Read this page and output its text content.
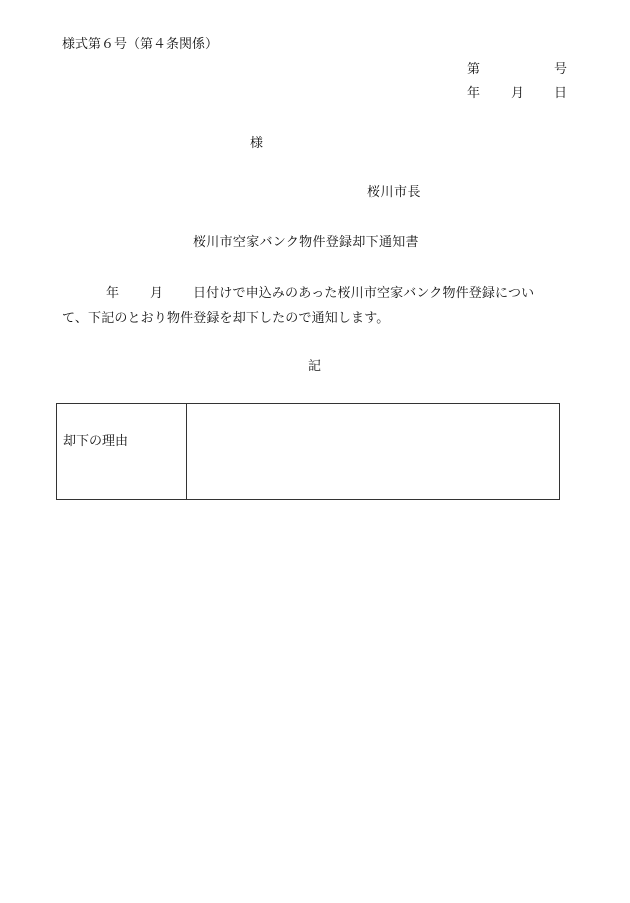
様式第６号（第４条関係）
第	号
年 月 日
様
桜川市長
桜川市空家バンク物件登録却下通知書
年 月 日付けで申込みのあった桜川市空家バンク物件登録につい
て、下記のとおり物件登録を却下したので通知します。
記
却下の理由
